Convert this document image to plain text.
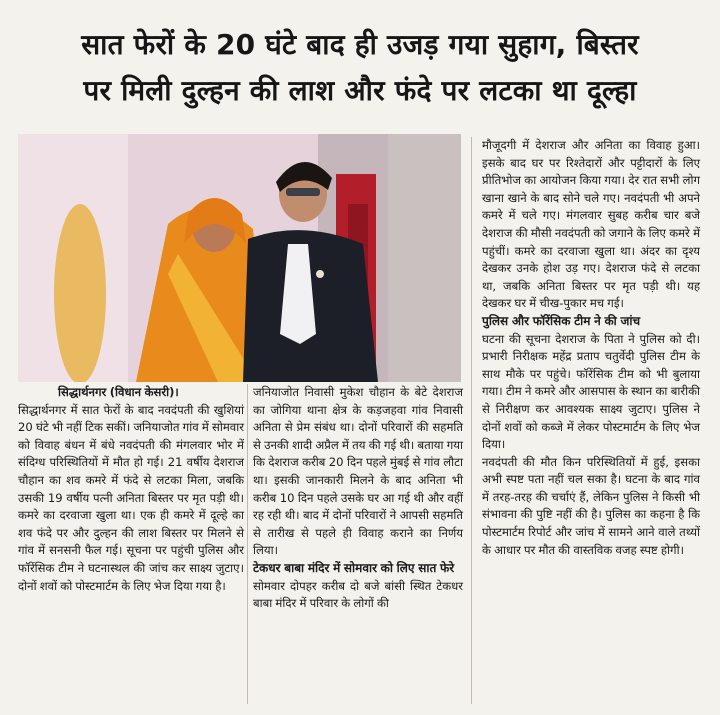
सात फेरों के 20 घंटे बाद ही उजड़ गया सुहाग, बिस्तर
पर मिली दुल्हन की लाश और फंदे पर लटका था दूल्हा

सिद्धार्थनगर (विधान केसरी)।

सिद्धार्थनगर में सात फेरों के बाद नवदंपती की खुशियां 20 घंटे भी नहीं टिक सकीं। जनियाजोत गांव में सोमवार को विवाह बंधन में बंधे नवदंपती की मंगलवार भोर में संदिग्ध परिस्थितियों में मौत हो गई। 21 वर्षीय देशराज चौहान का शव कमरे में फंदे से लटका मिला, जबकि उसकी 19 वर्षीय पत्नी अनिता बिस्तर पर मृत पड़ी थी। कमरे का दरवाजा खुला था। एक ही कमरे में दूल्हे का शव फंदे पर और दुल्हन की लाश बिस्तर पर मिलने से गांव में सनसनी फैल गई। सूचना पर पहुंची पुलिस और फॉरेंसिक टीम ने घटनास्थल की जांच कर साक्ष्य जुटाए। दोनों शवों को पोस्टमार्टम के लिए भेज दिया गया है।

जनियाजोत निवासी मुकेश चौहान के बेटे देशराज का जोगिया थाना क्षेत्र के कड़जहवा गांव निवासी अनिता से प्रेम संबंध था। दोनों परिवारों की सहमति से उनकी शादी अप्रैल में तय की गई थी। बताया गया कि देशराज करीब 20 दिन पहले मुंबई से गांव लौटा था। इसकी जानकारी मिलने के बाद अनिता भी करीब 10 दिन पहले उसके घर आ गई थी और वहीं रह रही थी। बाद में दोनों परिवारों ने आपसी सहमति से तारीख से पहले ही विवाह कराने का निर्णय लिया।

टेकधर बाबा मंदिर में सोमवार को लिए सात फेरे

सोमवार दोपहर करीब दो बजे बांसी स्थित टेकधर बाबा मंदिर में परिवार के लोगों की

मौजूदगी में देशराज और अनिता का विवाह हुआ। इसके बाद घर पर रिश्तेदारों और पट्टीदारों के लिए प्रीतिभोज का आयोजन किया गया। देर रात सभी लोग खाना खाने के बाद सोने चले गए। नवदंपती भी अपने कमरे में चले गए। मंगलवार सुबह करीब चार बजे देशराज की मौसी नवदंपती को जगाने के लिए कमरे में पहुंचीं। कमरे का दरवाजा खुला था। अंदर का दृश्य देखकर उनके होश उड़ गए। देशराज फंदे से लटका था, जबकि अनिता बिस्तर पर मृत पड़ी थी। यह देखकर घर में चीख-पुकार मच गई।

पुलिस और फॉरेंसिक टीम ने की जांच

घटना की सूचना देशराज के पिता ने पुलिस को दी। प्रभारी निरीक्षक महेंद्र प्रताप चतुर्वेदी पुलिस टीम के साथ मौके पर पहुंचे। फॉरेंसिक टीम को भी बुलाया गया। टीम ने कमरे और आसपास के स्थान का बारीकी से निरीक्षण कर आवश्यक साक्ष्य जुटाए। पुलिस ने दोनों शवों को कब्जे में लेकर पोस्टमार्टम के लिए भेज दिया।

नवदंपती की मौत किन परिस्थितियों में हुई, इसका अभी स्पष्ट पता नहीं चल सका है। घटना के बाद गांव में तरह-तरह की चर्चाएं हैं, लेकिन पुलिस ने किसी भी संभावना की पुष्टि नहीं की है। पुलिस का कहना है कि पोस्टमार्टम रिपोर्ट और जांच में सामने आने वाले तथ्यों के आधार पर मौत की वास्तविक वजह स्पष्ट होगी।
